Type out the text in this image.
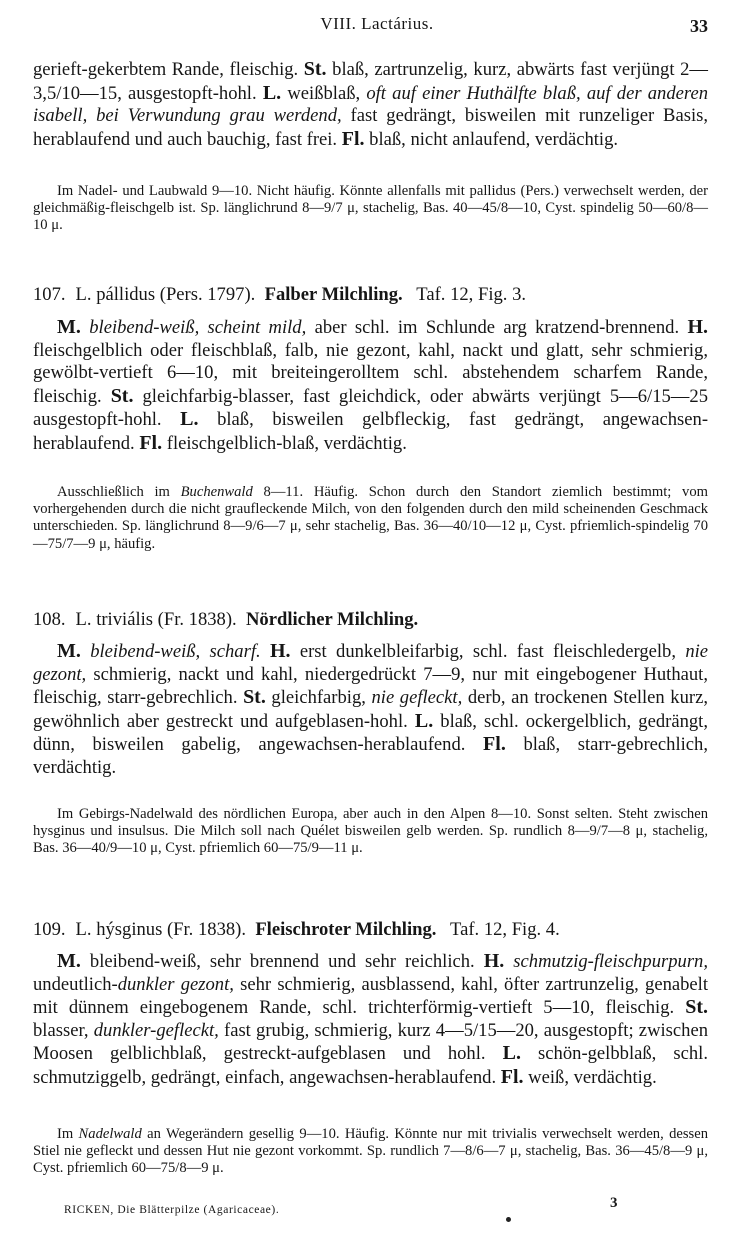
VIII. Lactárius.	33
gerieft-gekerbtem Rande, fleischig. St. blaß, zartrunzelig, kurz, abwärts fast verjüngt 2—3,5/10—15, ausgestopft-hohl. L. weißblaß, oft auf einer Huthälfte blaß, auf der anderen isabell, bei Verwundung grau werdend, fast gedrängt, bisweilen mit runzeliger Basis, herablaufend und auch bauchig, fast frei. Fl. blaß, nicht anlaufend, verdächtig.
Im Nadel- und Laubwald 9—10. Nicht häufig. Könnte allenfalls mit pallidus (Pers.) verwechselt werden, der gleichmäßig-fleischgelb ist. Sp. länglichrund 8—9/7 μ, stachelig, Bas. 40—45/8—10, Cyst. spindelig 50—60/8—10 μ.
107. L. pállidus (Pers. 1797). Falber Milchling. Taf. 12, Fig. 3.
M. bleibend-weiß, scheint mild, aber schl. im Schlunde arg kratzend-brennend. H. fleischgelblich oder fleischblaß, falb, nie gezont, kahl, nackt und glatt, sehr schmierig, gewölbt-vertieft 6—10, mit breiteingerolltem schl. abstehendem scharfem Rande, fleischig. St. gleichfarbig-blasser, fast gleichdick, oder abwärts verjüngt 5—6/15—25 ausgestopft-hohl. L. blaß, bisweilen gelbfleckig, fast gedrängt, angewachsen-herablaufend. Fl. fleischgelblich-blaß, verdächtig.
Ausschließlich im Buchenwald 8—11. Häufig. Schon durch den Standort ziemlich bestimmt; vom vorhergehenden durch die nicht graufleckende Milch, von den folgenden durch den mild scheinenden Geschmack unterschieden. Sp. länglichrund 8—9/6—7 μ, sehr stachelig, Bas. 36—40/10—12 μ, Cyst. pfriemlich-spindelig 70—75/7—9 μ, häufig.
108. L. triviális (Fr. 1838). Nördlicher Milchling.
M. bleibend-weiß, scharf. H. erst dunkelbleifarbig, schl. fast fleischledergelb, nie gezont, schmierig, nackt und kahl, niedergedrückt 7—9, nur mit eingebogener Huthaut, fleischig, starr-gebrechlich. St. gleichfarbig, nie gefleckt, derb, an trockenen Stellen kurz, gewöhnlich aber gestreckt und aufgeblasen-hohl. L. blaß, schl. ockergelblich, gedrängt, dünn, bisweilen gabelig, angewachsen-herablaufend. Fl. blaß, starr-gebrechlich, verdächtig.
Im Gebirgs-Nadelwald des nördlichen Europa, aber auch in den Alpen 8—10. Sonst selten. Steht zwischen hysginus und insulsus. Die Milch soll nach Quélet bisweilen gelb werden. Sp. rundlich 8—9/7—8 μ, stachelig, Bas. 36—40/9—10 μ, Cyst. pfriemlich 60—75/9—11 μ.
109. L. hýsginus (Fr. 1838). Fleischroter Milchling. Taf. 12, Fig. 4.
M. bleibend-weiß, sehr brennend und sehr reichlich. H. schmutzig-fleischpurpurn, undeutlich-dunkler gezont, sehr schmierig, ausblassend, kahl, öfter zartrunzelig, genabelt mit dünnem eingebogenem Rande, schl. trichterförmig-vertieft 5—10, fleischig. St. blasser, dunkler-gefleckt, fast grubig, schmierig, kurz 4—5/15—20, ausgestopft; zwischen Moosen gelblichblaß, gestreckt-aufgeblasen und hohl. L. schön-gelbblaß, schl. schmutziggelb, gedrängt, einfach, angewachsen-herablaufend. Fl. weiß, verdächtig.
Im Nadelwald an Wegerändern gesellig 9—10. Häufig. Könnte nur mit trivialis verwechselt werden, dessen Stiel nie gefleckt und dessen Hut nie gezont vorkommt. Sp. rundlich 7—8/6—7 μ, stachelig, Bas. 36—45/8—9 μ, Cyst. pfriemlich 60—75/8—9 μ.
RICKEN, Die Blätterpilze (Agaricaceae).	3
